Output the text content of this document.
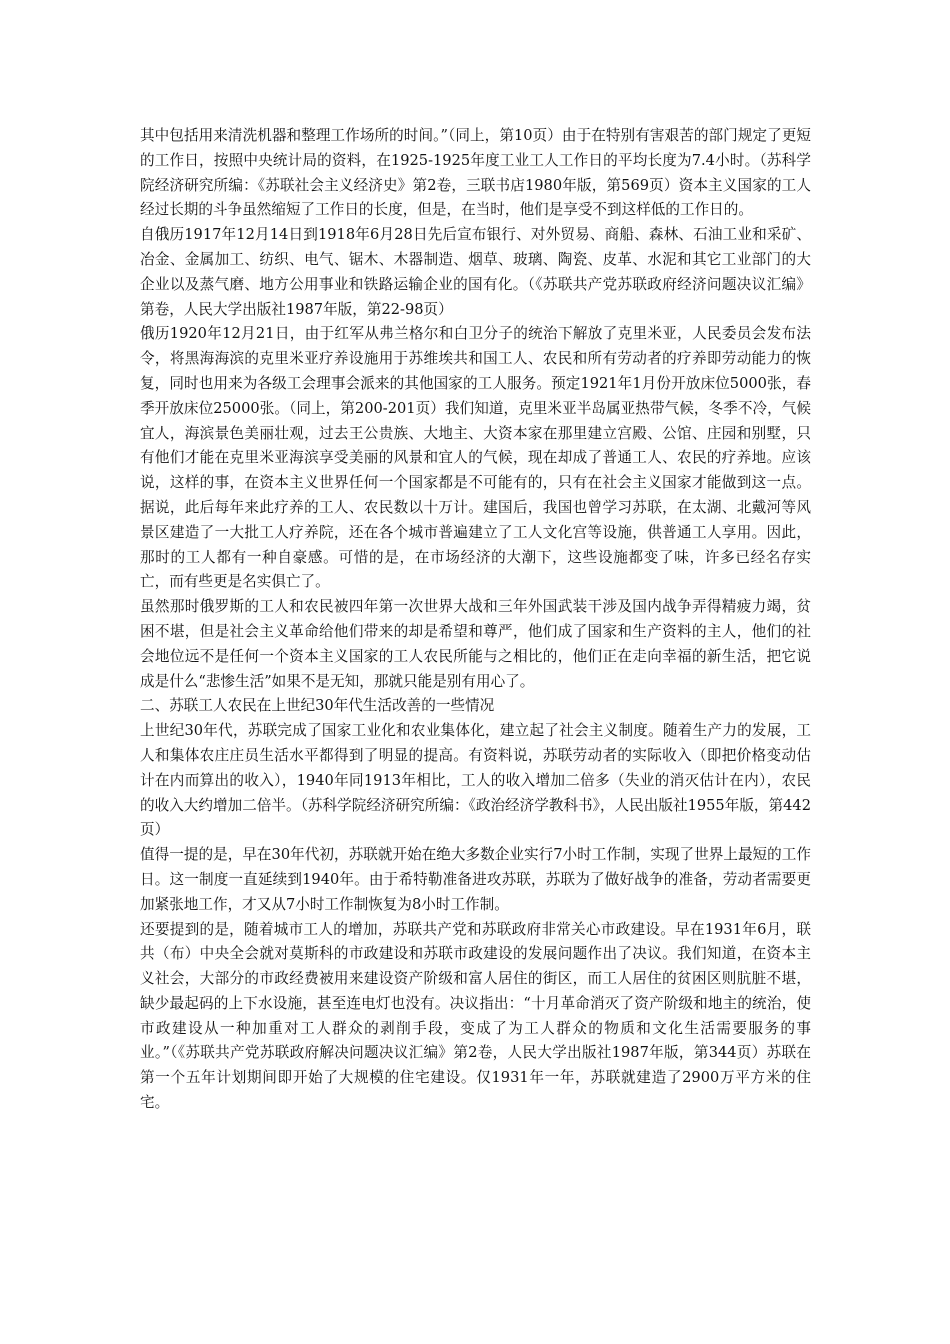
其中包括用来清洗机器和整理工作场所的时间。”（同上，第10页）由于在特别有害艰苦的部门规定了更短的工作日，按照中央统计局的资料，在1925-1925年度工业工人工作日的平均长度为7.4小时。（苏科学院经济研究所编：《苏联社会主义经济史》第2卷，三联书店1980年版，第569页）资本主义国家的工人经过长期的斗争虽然缩短了工作日的长度，但是，在当时，他们是享受不到这样低的工作日的。

自俄历1917年12月14日到1918年6月28日先后宣布银行、对外贸易、商船、森林、石油工业和采矿、冶金、金属加工、纺织、电气、锯木、木器制造、烟草、玻璃、陶瓷、皮革、水泥和其它工业部门的大企业以及蒸气磨、地方公用事业和铁路运输企业的国有化。（《苏联共产党苏联政府经济问题决议汇编》第卷，人民大学出版社1987年版，第22-98页）

俄历1920年12月21日，由于红军从弗兰格尔和白卫分子的统治下解放了克里米亚，人民委员会发布法令，将黑海海滨的克里米亚疗养设施用于苏维埃共和国工人、农民和所有劳动者的疗养即劳动能力的恢复，同时也用来为各级工会理事会派来的其他国家的工人服务。预定1921年1月份开放床位5000张，春季开放床位25000张。（同上，第200-201页）我们知道，克里米亚半岛属亚热带气候，冬季不冷，气候宜人，海滨景色美丽壮观，过去王公贵族、大地主、大资本家在那里建立宫殿、公馆、庄园和别墅，只有他们才能在克里米亚海滨享受美丽的风景和宜人的气候，现在却成了普通工人、农民的疗养地。应该说，这样的事，在资本主义世界任何一个国家都是不可能有的，只有在社会主义国家才能做到这一点。据说，此后每年来此疗养的工人、农民数以十万计。建国后，我国也曾学习苏联，在太湖、北戴河等风景区建造了一大批工人疗养院，还在各个城市普遍建立了工人文化宫等设施，供普通工人享用。因此，那时的工人都有一种自豪感。可惜的是，在市场经济的大潮下，这些设施都变了味，许多已经名存实亡，而有些更是名实俱亡了。

虽然那时俄罗斯的工人和农民被四年第一次世界大战和三年外国武装干涉及国内战争弄得精疲力竭，贫困不堪，但是社会主义革命给他们带来的却是希望和尊严，他们成了国家和生产资料的主人，他们的社会地位远不是任何一个资本主义国家的工人农民所能与之相比的，他们正在走向幸福的新生活，把它说成是什么“悲惨生活”如果不是无知，那就只能是别有用心了。

二、苏联工人农民在上世纪30年代生活改善的一些情况

上世纪30年代，苏联完成了国家工业化和农业集体化，建立起了社会主义制度。随着生产力的发展，工人和集体农庄庄员生活水平都得到了明显的提高。有资料说，苏联劳动者的实际收入（即把价格变动估计在内而算出的收入），1940年同1913年相比，工人的收入增加二倍多（失业的消灭估计在内），农民的收入大约增加二倍半。（苏科学院经济研究所编：《政治经济学教科书》，人民出版社1955年版，第442页）

值得一提的是，早在30年代初，苏联就开始在绝大多数企业实行7小时工作制，实现了世界上最短的工作日。这一制度一直延续到1940年。由于希特勒准备进攻苏联，苏联为了做好战争的准备，劳动者需要更加紧张地工作，才又从7小时工作制恢复为8小时工作制。

还要提到的是，随着城市工人的增加，苏联共产党和苏联政府非常关心市政建设。早在1931年6月，联共（布）中央全会就对莫斯科的市政建设和苏联市政建设的发展问题作出了决议。我们知道，在资本主义社会，大部分的市政经费被用来建设资产阶级和富人居住的街区，而工人居住的贫困区则肮脏不堪，缺少最起码的上下水设施，甚至连电灯也没有。决议指出：“十月革命消灭了资产阶级和地主的统治，使市政建设从一种加重对工人群众的剥削手段，变成了为工人群众的物质和文化生活需要服务的事业。”（《苏联共产党苏联政府解决问题决议汇编》第2卷，人民大学出版社1987年版，第344页）苏联在第一个五年计划期间即开始了大规模的住宅建设。仅1931年一年，苏联就建造了2900万平方米的住宅。
